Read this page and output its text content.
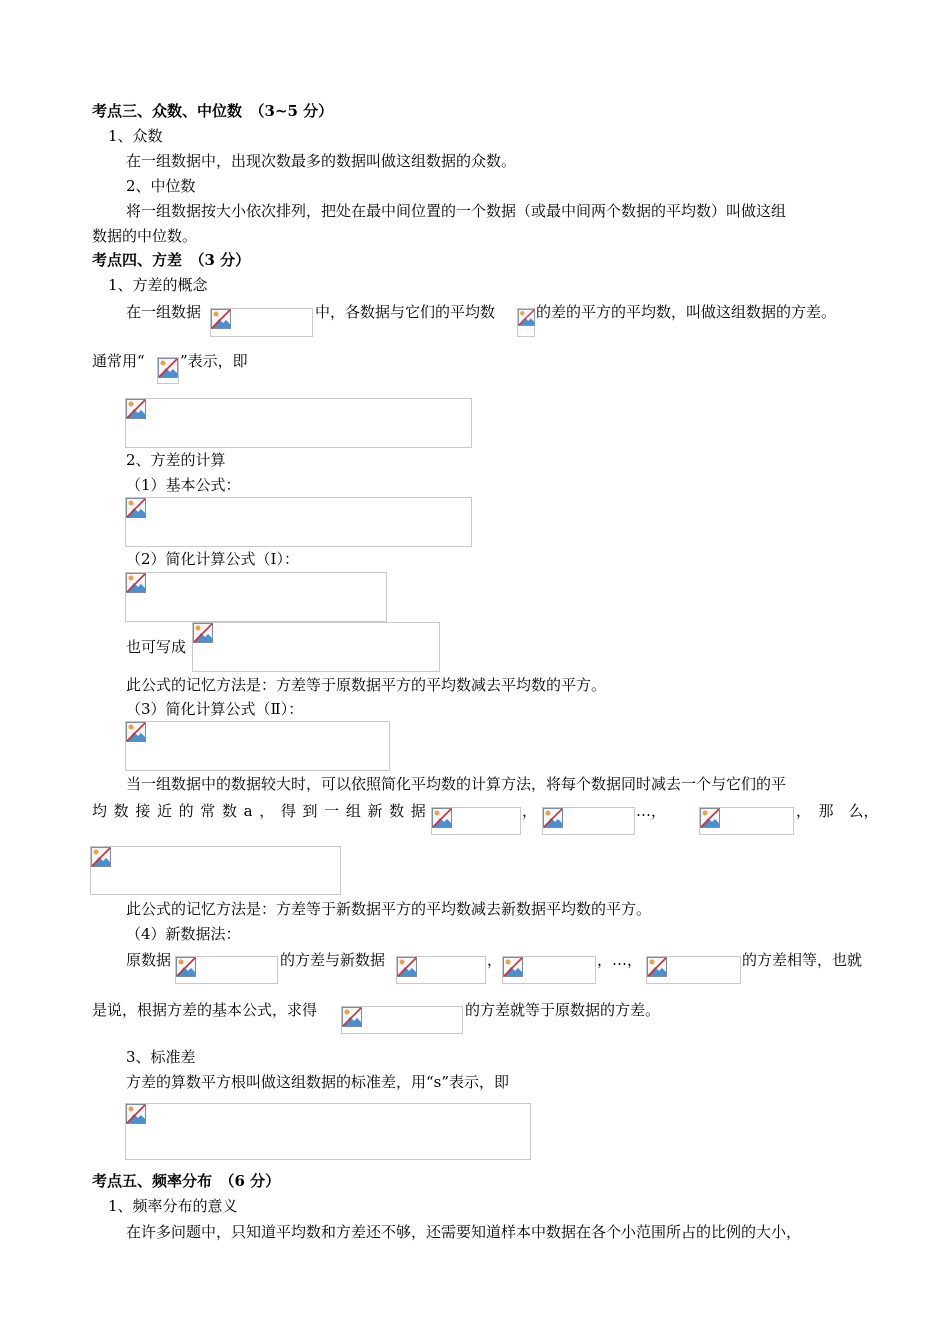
考点三、众数、中位数　（3~5 分）
1、众数
在一组数据中，出现次数最多的数据叫做这组数据的众数。
2、中位数
将一组数据按大小依次排列，把处在最中间位置的一个数据（或最中间两个数据的平均数）叫做这组
数据的中位数。
考点四、方差　（3 分）
1、方差的概念
在一组数据	中，各数据与它们的平均数	的差的平方的平均数，叫做这组数据的方差。
通常用“ ”表示，即
2、方差的计算
（1）基本公式：
（2）简化计算公式（Ⅰ）：
也可写成
此公式的记忆方法是：方差等于原数据平方的平均数减去平均数的平方。
（3）简化计算公式（Ⅱ）：
当一组数据中的数据较大时，可以依照简化平均数的计算方法，将每个数据同时减去一个与它们的平
均 数 接 近 的 常 数 a ， 得 到 一 组 新 数 据	，	…，	，　那　么，
此公式的记忆方法是：方差等于新数据平方的平均数减去新数据平均数的平方。
（4）新数据法：
原数据	的方差与新数据	，	，…，	的方差相等，也就
是说，根据方差的基本公式，求得	的方差就等于原数据的方差。
3、标准差
方差的算数平方根叫做这组数据的标准差，用“s”表示，即
考点五、频率分布　（6 分）
1、频率分布的意义
在许多问题中，只知道平均数和方差还不够，还需要知道样本中数据在各个小范围所占的比例的大小，
